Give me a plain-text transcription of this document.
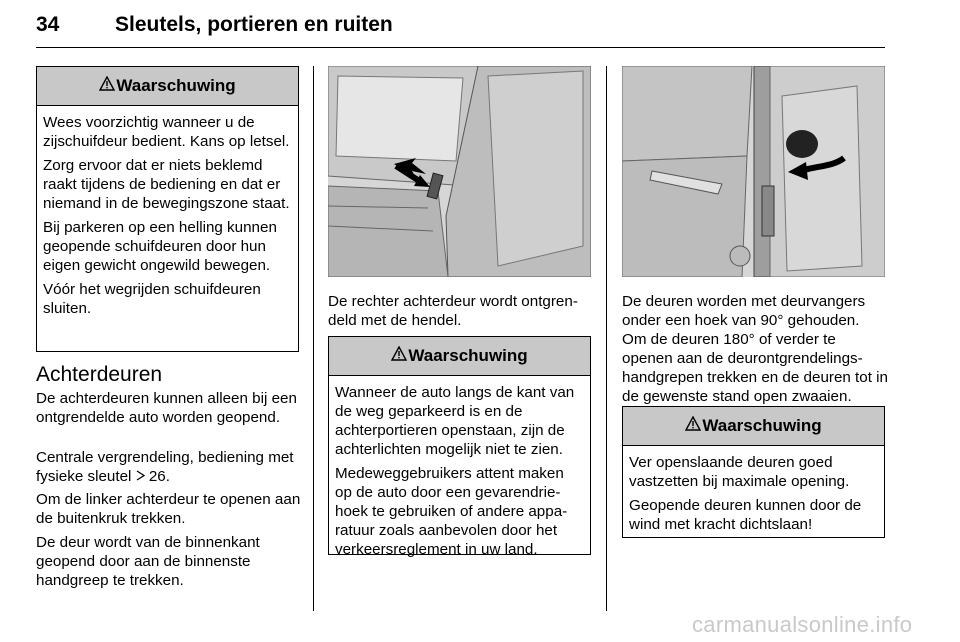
34	Sleutels, portieren en ruiten
Waarschuwing

Wees voorzichtig wanneer u de zijschuifdeur bedient. Kans op letsel.

Zorg ervoor dat er niets beklemd raakt tijdens de bediening en dat er niemand in de bewegingszone staat.

Bij parkeren op een helling kunnen geopende schuifdeuren door hun eigen gewicht ongewild bewegen.

Vóór het wegrijden schuifdeuren sluiten.

Achterdeuren

De achterdeuren kunnen alleen bij een ontgrendelde auto worden geopend.

Centrale vergrendeling, bediening met fysieke sleutel  26.

Om de linker achterdeur te openen aan de buitenkruk trekken.

De deur wordt van de binnenkant geopend door aan de binnenste handgreep te trekken.

De rechter achterdeur wordt ontgren-deld met de hendel.

Waarschuwing

Wanneer de auto langs de kant van de weg geparkeerd is en de achterportieren openstaan, zijn de achterlichten mogelijk niet te zien.

Medeweggebruikers attent maken op de auto door een gevarendrie-hoek te gebruiken of andere appa-ratuur zoals aanbevolen door het verkeersreglement in uw land.

De deuren worden met deurvangers onder een hoek van 90° gehouden. Om de deuren 180° of verder te openen aan de deurontgrendelings-handgrepen trekken en de deuren tot in de gewenste stand open zwaaien.

Waarschuwing

Ver openslaande deuren goed vastzetten bij maximale opening.

Geopende deuren kunnen door de wind met kracht dichtslaan!

carmanualsonline.info
